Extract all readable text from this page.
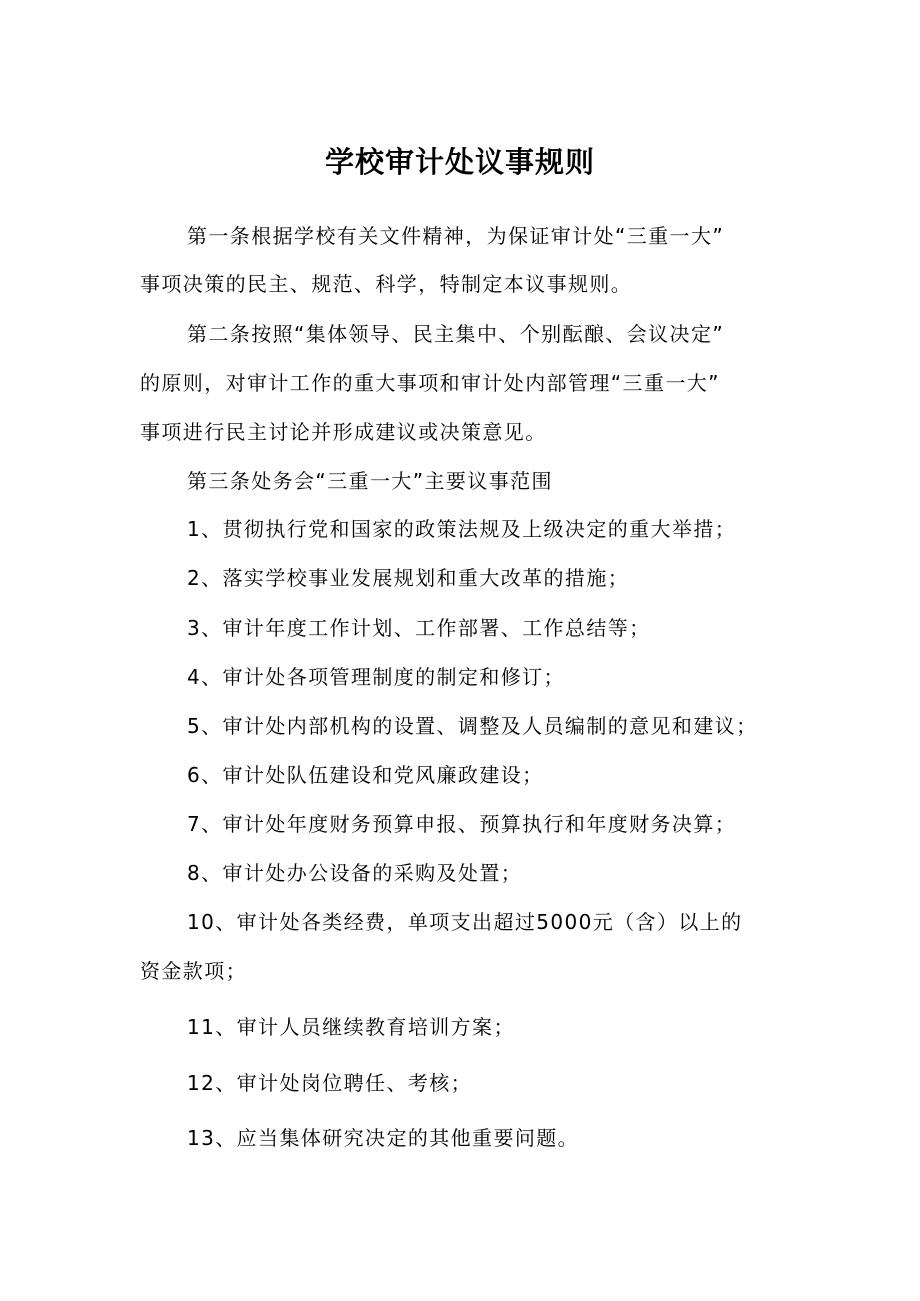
学校审计处议事规则
第一条根据学校有关文件精神，为保证审计处“三重一大”
事项决策的民主、规范、科学，特制定本议事规则。
第二条按照“集体领导、民主集中、个别酝酿、会议决定”
的原则，对审计工作的重大事项和审计处内部管理“三重一大”
事项进行民主讨论并形成建议或决策意见。
第三条处务会“三重一大”主要议事范围
1、贯彻执行党和国家的政策法规及上级决定的重大举措；
2、落实学校事业发展规划和重大改革的措施；
3、审计年度工作计划、工作部署、工作总结等；
4、审计处各项管理制度的制定和修订；
5、审计处内部机构的设置、调整及人员编制的意见和建议；
6、审计处队伍建设和党风廉政建设；
7、审计处年度财务预算申报、预算执行和年度财务决算；
8、审计处办公设备的采购及处置；
10、审计处各类经费，单项支出超过5000元（含）以上的
资金款项；
11、审计人员继续教育培训方案；
12、审计处岗位聘任、考核；
13、应当集体研究决定的其他重要问题。
